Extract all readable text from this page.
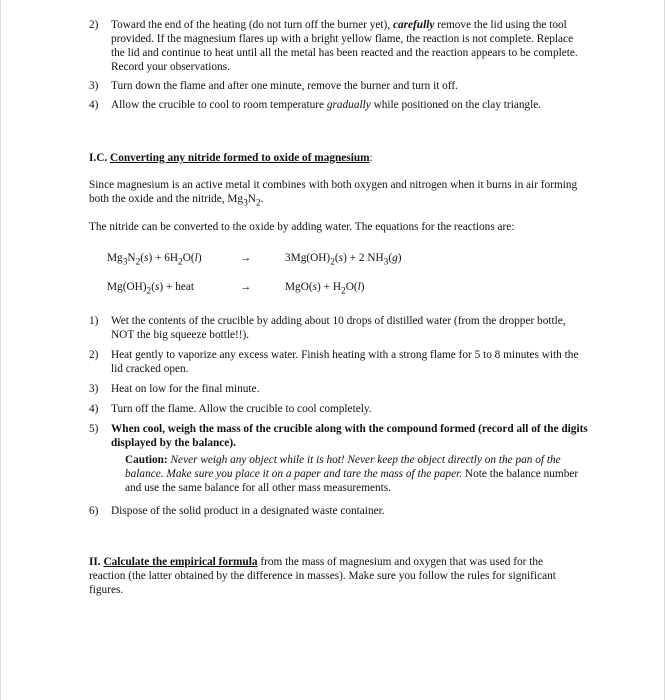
2) Toward the end of the heating (do not turn off the burner yet), carefully remove the lid using the tool provided. If the magnesium flares up with a bright yellow flame, the reaction is not complete. Replace the lid and continue to heat until all the metal has been reacted and the reaction appears to be complete. Record your observations.
3) Turn down the flame and after one minute, remove the burner and turn it off.
4) Allow the crucible to cool to room temperature gradually while positioned on the clay triangle.
I.C. Converting any nitride formed to oxide of magnesium:
Since magnesium is an active metal it combines with both oxygen and nitrogen when it burns in air forming both the oxide and the nitride, $Mg_3N_2$.
The nitride can be converted to the oxide by adding water. The equations for the reactions are:
$Mg_3N_2(s) + 6H_2O(l)$	→	$3Mg(OH)_2(s) + 2$ $NH_3(g)$
$Mg(OH)_2(s)$ + heat	→	$MgO(s) + H_2O(l)$
1) Wet the contents of the crucible by adding about 10 drops of distilled water (from the dropper bottle, NOT the big squeeze bottle!!).
2) Heat gently to vaporize any excess water. Finish heating with a strong flame for 5 to 8 minutes with the lid cracked open.
3) Heat on low for the final minute.
4) Turn off the flame. Allow the crucible to cool completely.
5) When cool, weigh the mass of the crucible along with the compound formed (record all of the digits displayed by the balance).
Caution: Never weigh any object while it is hot! Never keep the object directly on the pan of the balance. Make sure you place it on a paper and tare the mass of the paper. Note the balance number and use the same balance for all other mass measurements.
6) Dispose of the solid product in a designated waste container.
II. Calculate the empirical formula from the mass of magnesium and oxygen that was used for the reaction (the latter obtained by the difference in masses). Make sure you follow the rules for significant figures.
